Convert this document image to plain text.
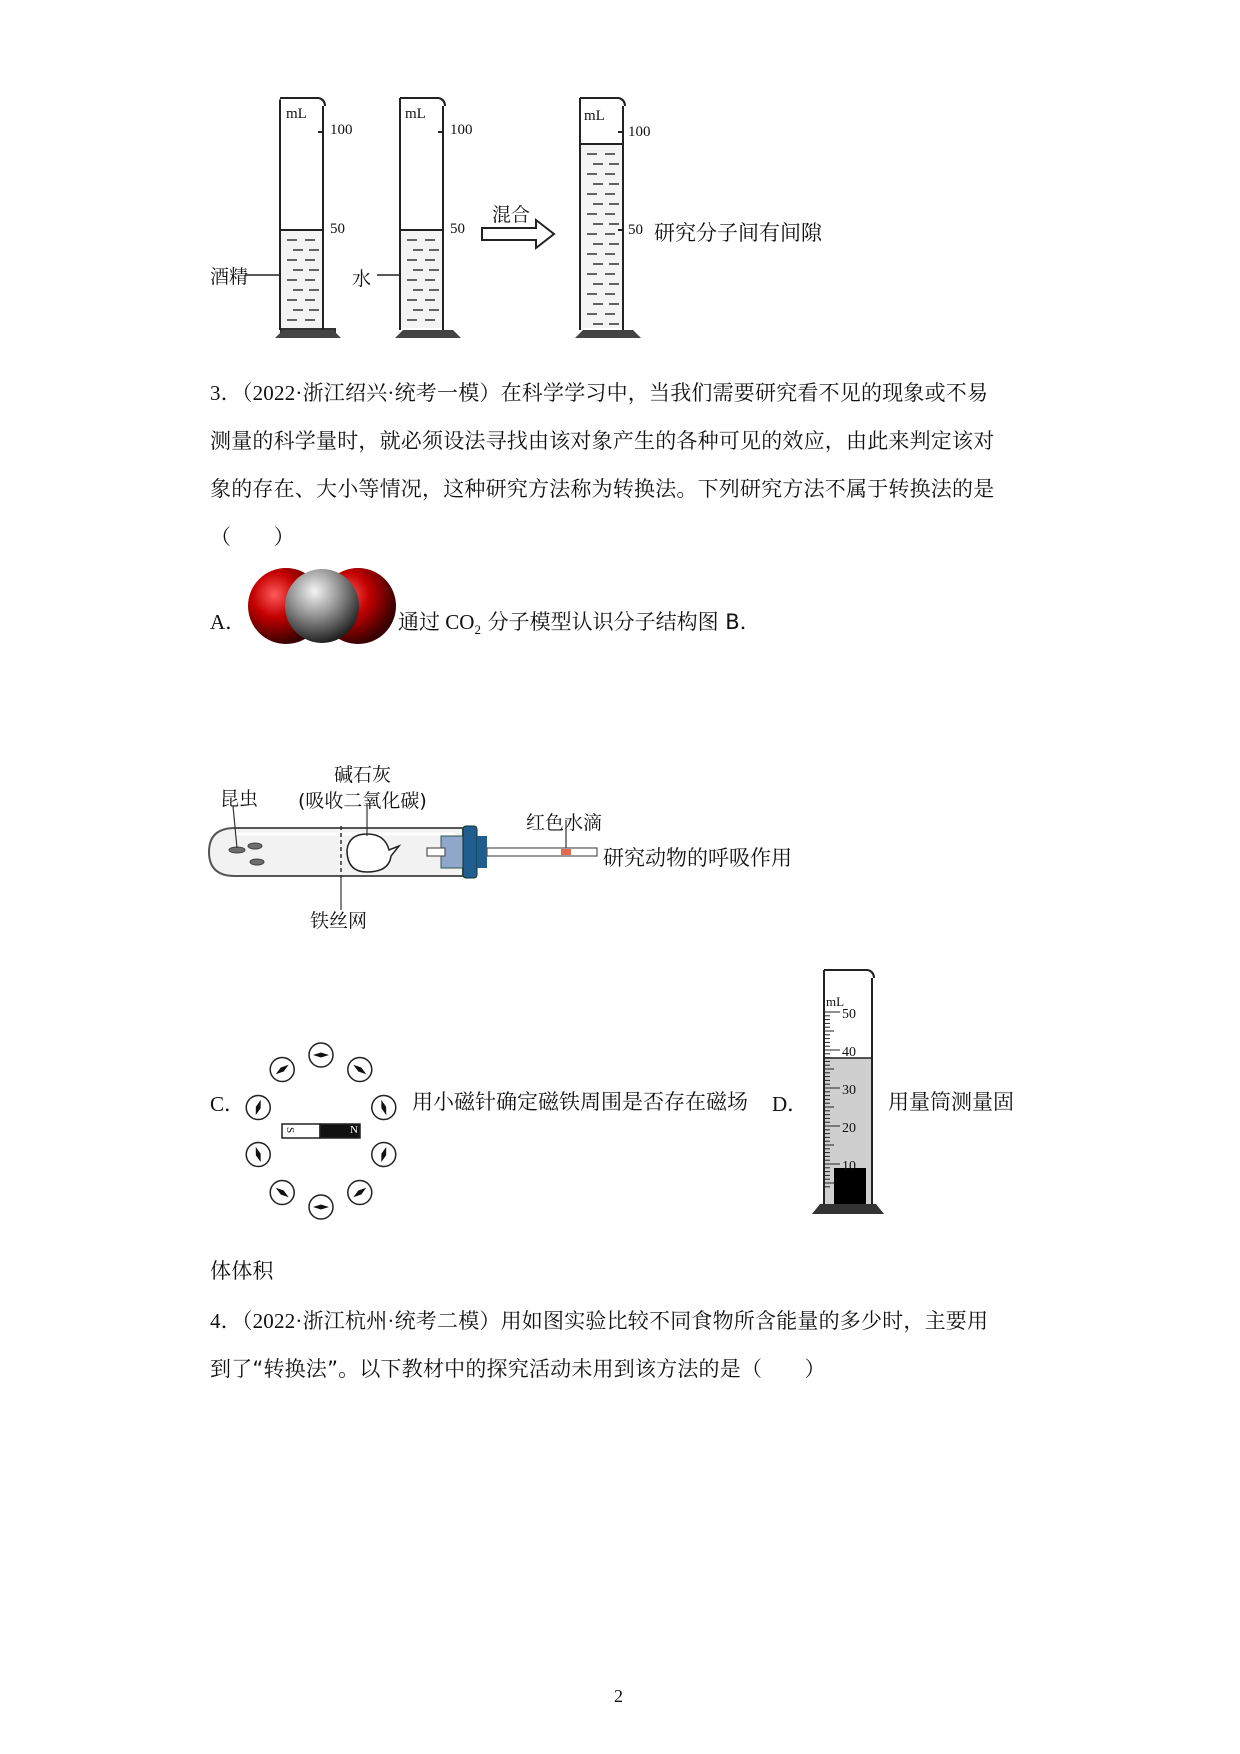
mL
100
50
酒精
mL
100
50
水
混合
mL
100
50 研究分子间有间隙
3．（2022·浙江绍兴·统考一模）在科学学习中，当我们需要研究看不见的现象或不易
测量的科学量时，就必须设法寻找由该对象产生的各种可见的效应，由此来判定该对
象的存在、大小等情况，这种研究方法称为转换法。下列研究方法不属于转换法的是
（　　）
A．	通过 $CO_2$ 分子模型认识分子结构图 B．
昆虫
碱石灰
(吸收二氧化碳)
红色水滴
铁丝网
研究动物的呼吸作用
C．
S	N
用小磁针确定磁铁周围是否存在磁场 D．
mL
50
40
30
20
10
用量筒测量固
体体积
4．（2022·浙江杭州·统考二模）用如图实验比较不同食物所含能量的多少时，主要用
到了“转换法”。以下教材中的探究活动未用到该方法的是（　　）
2
